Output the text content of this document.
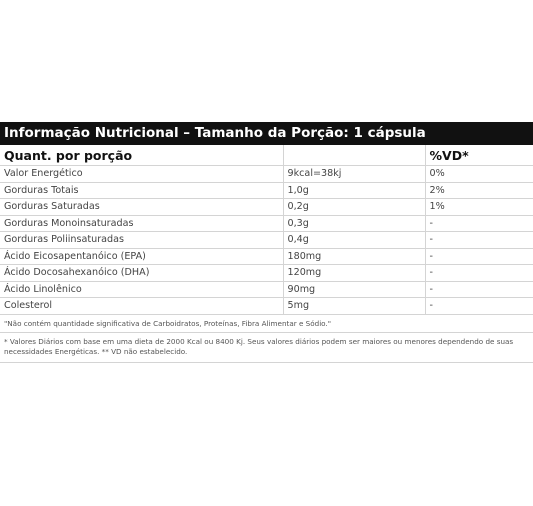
Informação Nutricional – Tamanho da Porção: 1 cápsula
Quant. por porção		%VD*
Valor Energético	9kcal=38kj	0%
Gorduras Totais	1,0g	2%
Gorduras Saturadas	0,2g	1%
Gorduras Monoinsaturadas	0,3g	-
Gorduras Poliinsaturadas	0,4g	-
Ácido Eicosapentanóico (EPA)	180mg	-
Ácido Docosahexanóico (DHA)	120mg	-
Ácido Linolênico	90mg	-
Colesterol	5mg	-
"Não contém quantidade significativa de Carboidratos, Proteínas, Fibra Alimentar e Sódio."
* Valores Diários com base em uma dieta de 2000 Kcal ou 8400 Kj. Seus valores diários podem ser maiores ou menores dependendo de suas necessidades Energéticas. ** VD não estabelecido.
